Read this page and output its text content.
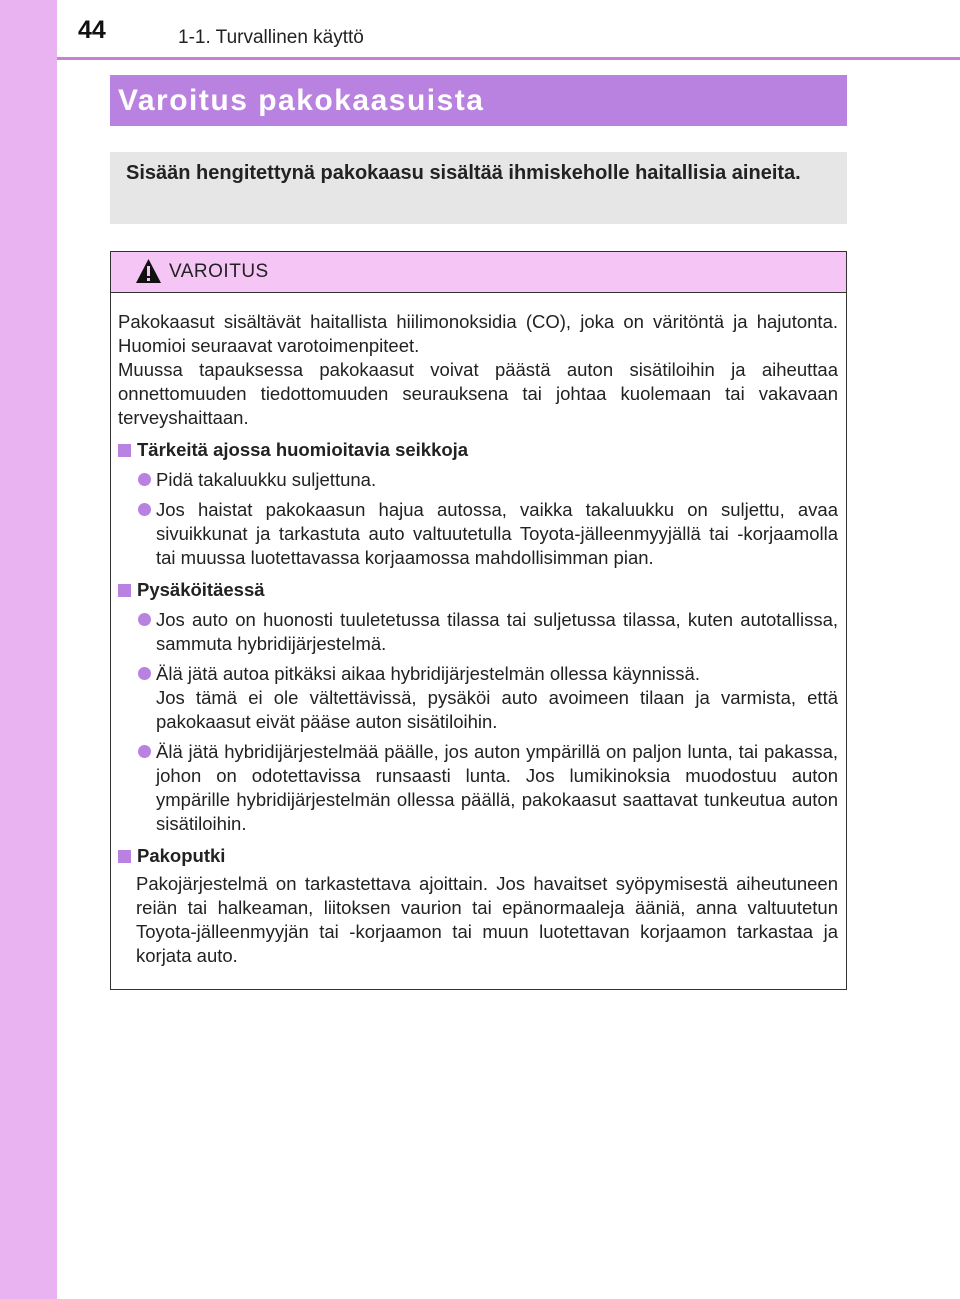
44	1-1. Turvallinen käyttö
Varoitus pakokaasuista
Sisään hengitettynä pakokaasu sisältää ihmiskeholle haitallisia aineita.
VAROITUS
Pakokaasut sisältävät haitallista hiilimonoksidia (CO), joka on väritöntä ja hajutonta. Huomioi seuraavat varotoimenpiteet.
Muussa tapauksessa pakokaasut voivat päästä auton sisätiloihin ja aiheuttaa onnettomuuden tiedottomuuden seurauksena tai johtaa kuolemaan tai vakavaan terveyshaittaan.
Tärkeitä ajossa huomioitavia seikkoja
Pidä takaluukku suljettuna.
Jos haistat pakokaasun hajua autossa, vaikka takaluukku on suljettu, avaa sivuikkunat ja tarkastuta auto valtuutetulla Toyota-jälleenmyyjällä tai -korjaamolla tai muussa luotettavassa korjaamossa mahdollisimman pian.
Pysäköitäessä
Jos auto on huonosti tuuletetussa tilassa tai suljetussa tilassa, kuten autotallissa, sammuta hybridijärjestelmä.
Älä jätä autoa pitkäksi aikaa hybridijärjestelmän ollessa käynnissä.
Jos tämä ei ole vältettävissä, pysäköi auto avoimeen tilaan ja varmista, että pakokaasut eivät pääse auton sisätiloihin.
Älä jätä hybridijärjestelmää päälle, jos auton ympärillä on paljon lunta, tai pakassa, johon on odotettavissa runsaasti lunta. Jos lumikinoksia muodostuu auton ympärille hybridijärjestelmän ollessa päällä, pakokaasut saattavat tunkeutua auton sisätiloihin.
Pakoputki
Pakojärjestelmä on tarkastettava ajoittain. Jos havaitset syöpymisestä aiheutuneen reiän tai halkeaman, liitoksen vaurion tai epänormaaleja ääniä, anna valtuutetun Toyota-jälleenmyyjän tai -korjaamon tai muun luotettavan korjaamon tarkastaa ja korjata auto.
